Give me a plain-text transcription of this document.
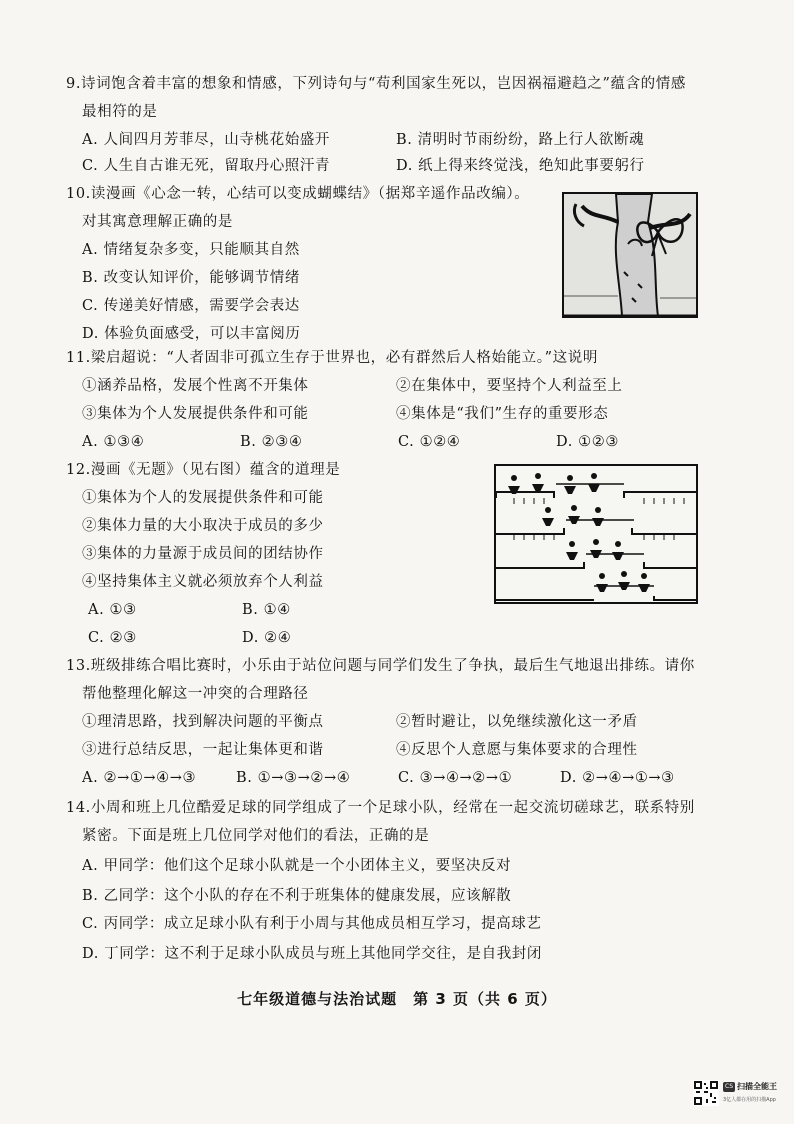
9.诗词饱含着丰富的想象和情感，下列诗句与“苟利国家生死以，岂因祸福避趋之”蕴含的情感
最相符的是
A. 人间四月芳菲尽，山寺桃花始盛开	B. 清明时节雨纷纷，路上行人欲断魂
C. 人生自古谁无死，留取丹心照汗青	D. 纸上得来终觉浅，绝知此事要躬行
10.读漫画《心念一转，心结可以变成蝴蝶结》（据郑辛遥作品改编）。
对其寓意理解正确的是
A. 情绪复杂多变，只能顺其自然
B. 改变认知评价，能够调节情绪
C. 传递美好情感，需要学会表达
D. 体验负面感受，可以丰富阅历
11.梁启超说：“人者固非可孤立生存于世界也，必有群然后人格始能立。”这说明
①涵养品格，发展个性离不开集体	②在集体中，要坚持个人利益至上
③集体为个人发展提供条件和可能	④集体是“我们”生存的重要形态
A. ①③④	B. ②③④	C. ①②④	D. ①②③
12.漫画《无题》（见右图）蕴含的道理是
①集体为个人的发展提供条件和可能
②集体力量的大小取决于成员的多少
③集体的力量源于成员间的团结协作
④坚持集体主义就必须放弃个人利益
A. ①③	B. ①④
C. ②③	D. ②④
13.班级排练合唱比赛时，小乐由于站位问题与同学们发生了争执，最后生气地退出排练。请你
帮他整理化解这一冲突的合理路径
①理清思路，找到解决问题的平衡点	②暂时避让，以免继续激化这一矛盾
③进行总结反思，一起让集体更和谐	④反思个人意愿与集体要求的合理性
A. ②→①→④→③	B. ①→③→②→④	C. ③→④→②→①	D. ②→④→①→③
14.小周和班上几位酷爱足球的同学组成了一个足球小队，经常在一起交流切磋球艺，联系特别
紧密。下面是班上几位同学对他们的看法，正确的是
A. 甲同学：他们这个足球小队就是一个小团体主义，要坚决反对
B. 乙同学：这个小队的存在不利于班集体的健康发展，应该解散
C. 丙同学：成立足球小队有利于小周与其他成员相互学习，提高球艺
D. 丁同学：这不利于足球小队成员与班上其他同学交往，是自我封闭
七年级道德与法治试题　第 3 页（共 6 页）
CS 扫描全能王
3亿人都在用的扫描App
